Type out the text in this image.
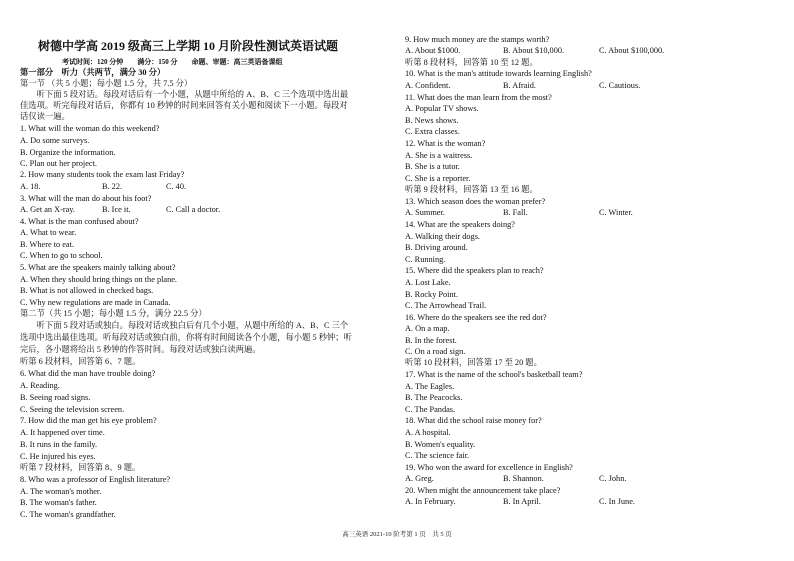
树德中学高 2019 级高三上学期 10 月阶段性测试英语试题
考试时间：120 分钟　　满分：150 分　　命题、审题：高三英语备课组
第一部分　听力（共两节，满分 30 分）
第一节 （共 5 小题；每小题 1.5 分，共 7.5 分）
　　听下面 5 段对话。每段对话后有一个小题，从题中所给的 A、B、C 三个选项中选出最
佳选项。听完每段对话后，你都有 10 秒钟的时间来回答有关小题和阅读下一小题。每段对
话仅读一遍。
1. What will the woman do this weekend?
A. Do some surveys.
B. Organize the information.
C. Plan out her project.
2. How many students took the exam last Friday?
A. 18.	B. 22.	C. 40.
3. What will the man do about his foot?
A. Get an X-ray.	B. Ice it.	C. Call a doctor.
4. What is the man confused about?
A. What to wear.
B. Where to eat.
C. When to go to school.
5. What are the speakers mainly talking about?
A. When they should bring things on the plane.
B. What is not allowed in checked bags.
C. Why new regulations are made in Canada.
第二节（共 15 小题；每小题 1.5 分，满分 22.5 分）
　　听下面 5 段对话或独白。每段对话或独白后有几个小题，从题中所给的 A、B、C 三个
选项中选出最佳选项。听每段对话或独白前，你将有时间阅读各个小题，每小题 5 秒钟；听
完后，各小题将给出 5 秒钟的作答时间。每段对话或独白读两遍。
听第 6 段材料，回答第 6、7 题。
6. What did the man have trouble doing?
A. Reading.
B. Seeing road signs.
C. Seeing the television screen.
7. How did the man get his eye problem?
A. It happened over time.
B. It runs in the family.
C. He injured his eyes.
听第 7 段材料，回答第 8、9 题。
8. Who was a professor of English literature?
A. The woman's mother.
B. The woman's father.
C. The woman's grandfather.
9. How much money are the stamps worth?
A. About $1000.	B. About $10,000.	C. About $100,000.
听第 8 段材料，回答第 10 至 12 题。
10. What is the man's attitude towards learning English?
A. Confident.	B. Afraid.	C. Cautious.
11. What does the man learn from the most?
A. Popular TV shows.
B. News shows.
C. Extra classes.
12. What is the woman?
A. She is a waitress.
B. She is a tutor.
C. She is a reporter.
听第 9 段材料，回答第 13 至 16 题。
13. Which season does the woman prefer?
A. Summer.	B. Fall.	C. Winter.
14. What are the speakers doing?
A. Walking their dogs.
B. Driving around.
C. Running.
15. Where did the speakers plan to reach?
A. Lost Lake.
B. Rocky Point.
C. The Arrowhead Trail.
16. Where do the speakers see the red dot?
A. On a map.
B. In the forest.
C. On a road sign.
听第 10 段材料，回答第 17 至 20 题。
17. What is the name of the school's basketball team?
A. The Eagles.
B. The Peacocks.
C. The Pandas.
18. What did the school raise money for?
A. A hospital.
B. Women's equality.
C. The science fair.
19. Who won the award for excellence in English?
A. Greg.	B. Shannon.	C. John.
20. When might the announcement take place?
A. In February.	B. In April.	C. In June.
高三英语 2021-10 阶考第 1 页　共 5 页
